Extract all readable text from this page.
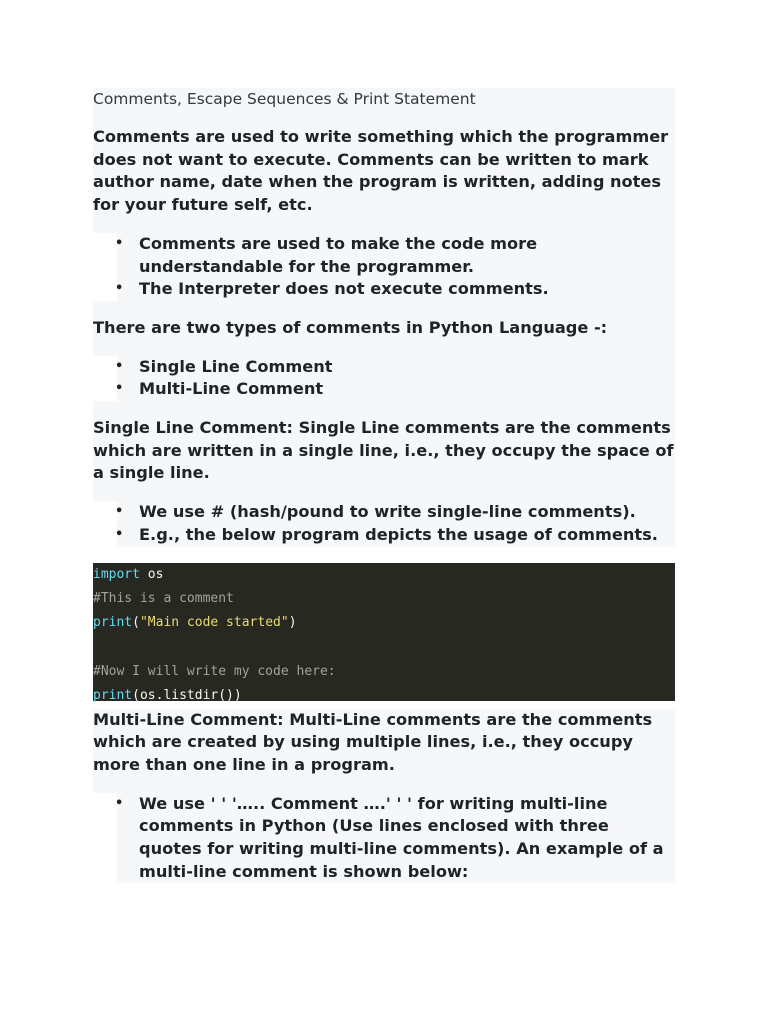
Comments, Escape Sequences & Print Statement

Comments are used to write something which the programmer does not want to execute. Comments can be written to mark author name, date when the program is written, adding notes for your future self, etc.

• Comments are used to make the code more understandable for the programmer.
• The Interpreter does not execute comments.

There are two types of comments in Python Language -:

• Single Line Comment
• Multi-Line Comment

Single Line Comment: Single Line comments are the comments which are written in a single line, i.e., they occupy the space of a single line.

• We use # (hash/pound to write single-line comments).
• E.g., the below program depicts the usage of comments.
import os
#This is a comment
print("Main code started")

#Now I will write my code here:
print(os.listdir())

Multi-Line Comment: Multi-Line comments are the comments which are created by using multiple lines, i.e., they occupy more than one line in a program.

• We use ' ' '….. Comment ….' ' ' for writing multi-line comments in Python (Use lines enclosed with three quotes for writing multi-line comments). An example of a multi-line comment is shown below:
